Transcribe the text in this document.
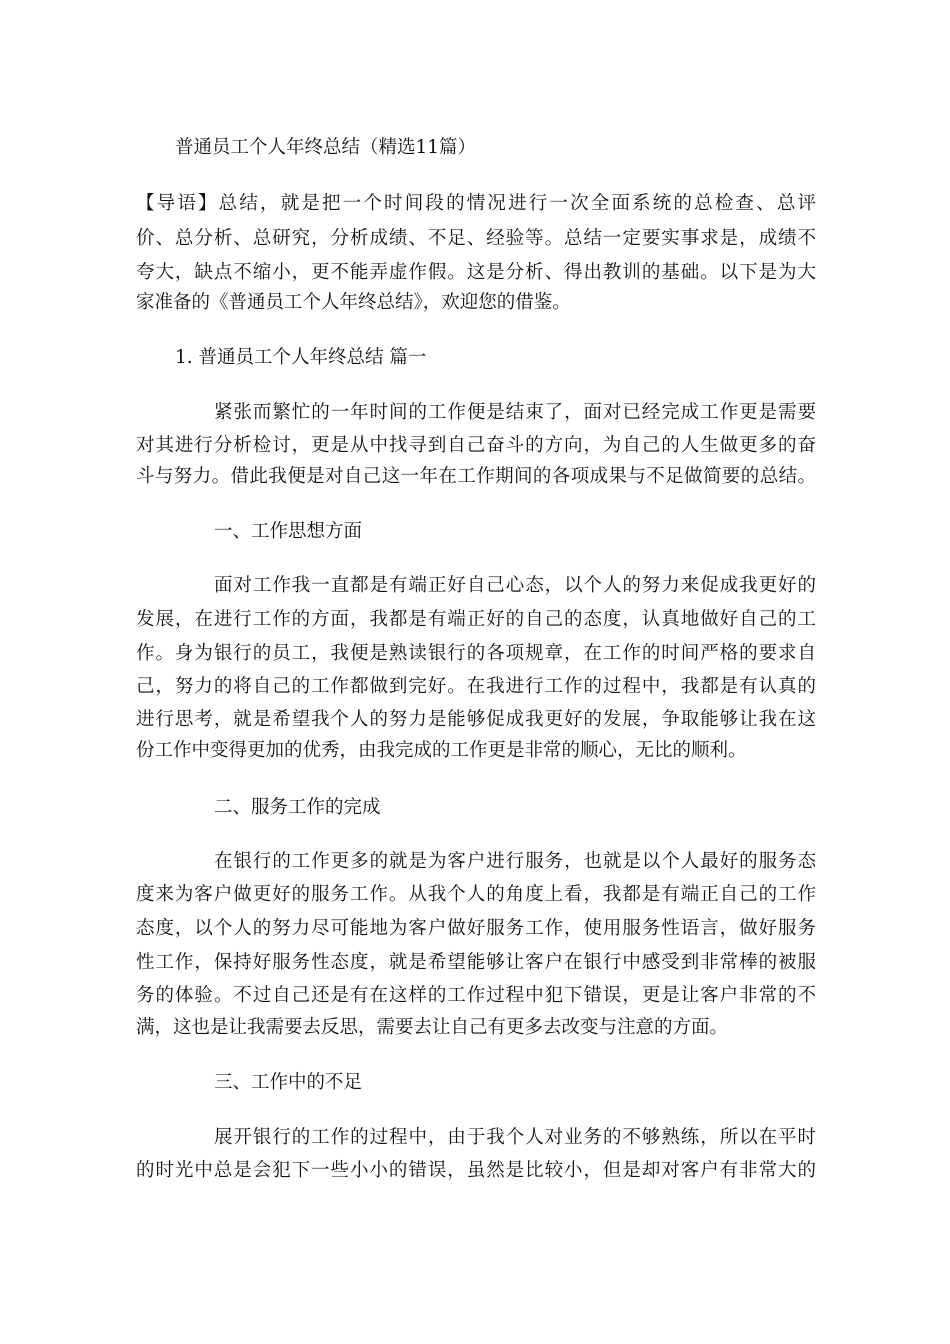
普通员工个人年终总结（精选11篇）
【导语】总结，就是把一个时间段的情况进行一次全面系统的总检查、总评
价、总分析、总研究，分析成绩、不足、经验等。总结一定要实事求是，成绩不
夸大，缺点不缩小，更不能弄虚作假。这是分析、得出教训的基础。以下是为大
家准备的《普通员工个人年终总结》，欢迎您的借鉴。
1. 普通员工个人年终总结 篇一
紧张而繁忙的一年时间的工作便是结束了，面对已经完成工作更是需要
对其进行分析检讨，更是从中找寻到自己奋斗的方向，为自己的人生做更多的奋
斗与努力。借此我便是对自己这一年在工作期间的各项成果与不足做简要的总结。
一、工作思想方面
面对工作我一直都是有端正好自己心态，以个人的努力来促成我更好的
发展，在进行工作的方面，我都是有端正好的自己的态度，认真地做好自己的工
作。身为银行的员工，我便是熟读银行的各项规章，在工作的时间严格的要求自
己，努力的将自己的工作都做到完好。在我进行工作的过程中，我都是有认真的
进行思考，就是希望我个人的努力是能够促成我更好的发展，争取能够让我在这
份工作中变得更加的优秀，由我完成的工作更是非常的顺心，无比的顺利。
二、服务工作的完成
在银行的工作更多的就是为客户进行服务，也就是以个人最好的服务态
度来为客户做更好的服务工作。从我个人的角度上看，我都是有端正自己的工作
态度，以个人的努力尽可能地为客户做好服务工作，使用服务性语言，做好服务
性工作，保持好服务性态度，就是希望能够让客户在银行中感受到非常棒的被服
务的体验。不过自己还是有在这样的工作过程中犯下错误，更是让客户非常的不
满，这也是让我需要去反思，需要去让自己有更多去改变与注意的方面。
三、工作中的不足
展开银行的工作的过程中，由于我个人对业务的不够熟练，所以在平时
的时光中总是会犯下一些小小的错误，虽然是比较小，但是却对客户有非常大的
